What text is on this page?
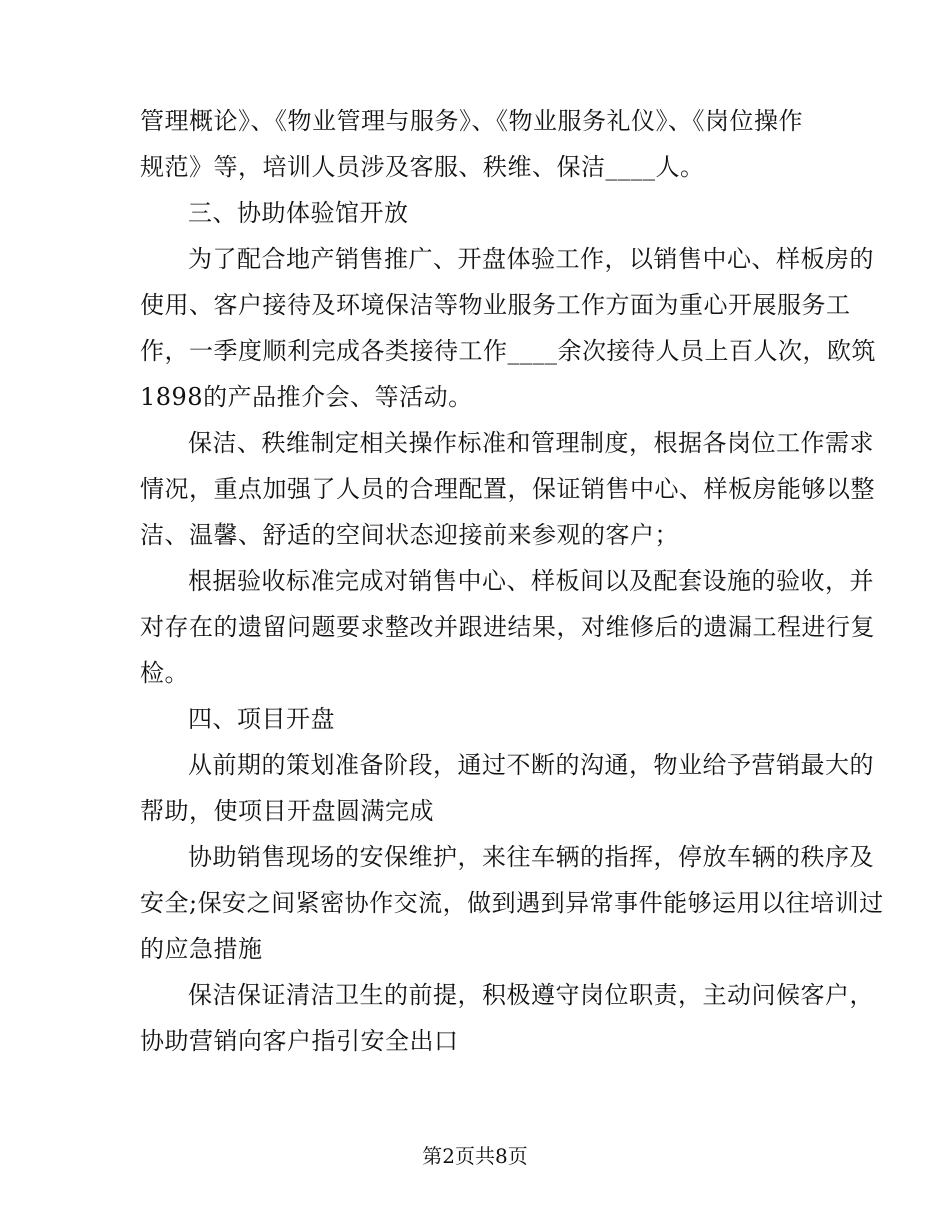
管理概论》、《物业管理与服务》、《物业服务礼仪》、《岗位操作
规范》等，培训人员涉及客服、秩维、保洁____人。
三、协助体验馆开放
为了配合地产销售推广、开盘体验工作，以销售中心、样板房的
使用、客户接待及环境保洁等物业服务工作方面为重心开展服务工
作，一季度顺利完成各类接待工作____余次接待人员上百人次，欧筑
1898的产品推介会、等活动。
保洁、秩维制定相关操作标准和管理制度，根据各岗位工作需求
情况，重点加强了人员的合理配置，保证销售中心、样板房能够以整
洁、温馨、舒适的空间状态迎接前来参观的客户；
根据验收标准完成对销售中心、样板间以及配套设施的验收，并
对存在的遗留问题要求整改并跟进结果，对维修后的遗漏工程进行复
检。
四、项目开盘
从前期的策划准备阶段，通过不断的沟通，物业给予营销最大的
帮助，使项目开盘圆满完成
协助销售现场的安保维护，来往车辆的指挥，停放车辆的秩序及
安全;保安之间紧密协作交流，做到遇到异常事件能够运用以往培训过
的应急措施
保洁保证清洁卫生的前提，积极遵守岗位职责，主动问候客户，
协助营销向客户指引安全出口
第2页共8页
